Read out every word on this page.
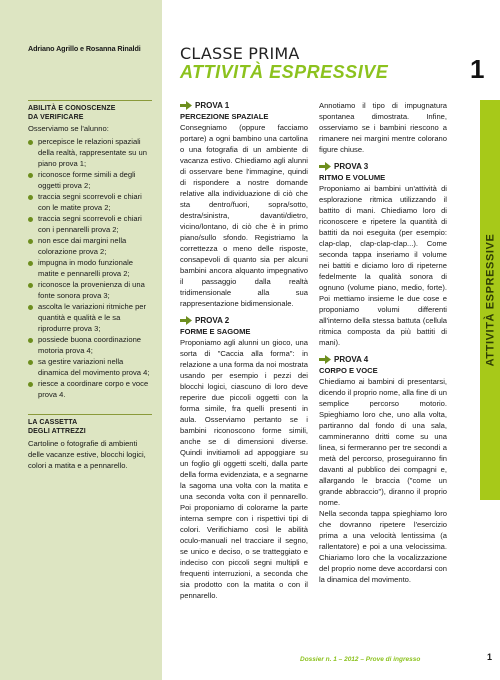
Adriano Agrillo e Rosanna Rinaldi
ABILITÀ E CONOSCENZE
DA VERIFICARE
Osserviamo se l'alunno:
percepisce le relazioni spaziali della realtà, rappresentate su un piano prova 1;
riconosce forme simili a degli oggetti prova 2;
traccia segni scorrevoli e chiari con le matite prova 2;
traccia segni scorrevoli e chiari con i pennarelli prova 2;
non esce dai margini nella colorazione prova 2;
impugna in modo funzionale matite e pennarelli prova 2;
riconosce la provenienza di una fonte sonora prova 3;
ascolta le variazioni ritmiche per quantità e qualità e le sa riprodurre prova 3;
possiede buona coordinazione motoria prova 4;
sa gestire variazioni nella dinamica del movimento prova 4;
riesce a coordinare corpo e voce prova 4.
LA CASSETTA
DEGLI ATTREZZI
Cartoline o fotografie di ambienti delle vacanze estive, blocchi logici, colori a matita e a pennarello.
CLASSE PRIMA
ATTIVITÀ ESPRESSIVE	1
ATTIVITÀ ESPRESSIVE
PROVA 1
PERCEZIONE SPAZIALE

Consegniamo (oppure facciamo portare) a ogni bambino una cartolina o una fotografia di un ambiente di vacanza estivo. Chiediamo agli alunni di osservare bene l'immagine, quindi di rispondere a nostre domande relative alla individuazione di ciò che sta dentro/fuori, sopra/sotto, destra/sinistra, davanti/dietro, vicino/lontano, di ciò che è in primo piano/sullo sfondo. Registriamo la correttezza o meno delle risposte, consapevoli di quanto sia per alcuni bambini ancora alquanto impegnativo il passaggio dalla realtà tridimensionale alla sua rappresentazione bidimensionale.

PROVA 2
FORME E SAGOME

Proponiamo agli alunni un gioco, una sorta di "Caccia alla forma": in relazione a una forma da noi mostrata usando per esempio i pezzi dei blocchi logici, ciascuno di loro deve reperire due piccoli oggetti con la forma simile, fra quelli presenti in aula. Osserviamo pertanto se i bambini riconoscono forme simili, anche se di dimensioni diverse. Quindi invitiamoli ad appoggiare su un foglio gli oggetti scelti, dalla parte della forma evidenziata, e a segnarne la sagoma una volta con la matita e una seconda volta con il pennarello. Poi proponiamo di colorarne la parte interna sempre con i rispettivi tipi di colori. Verifichiamo così le abilità oculo-manuali nel tracciare il segno, se unico e deciso, o se tratteggiato e indeciso con piccoli segni multipli e frequenti interruzioni, a seconda che sia prodotto con la matita o con il pennarello.

Annotiamo il tipo di impugnatura spontanea dimostrata. Infine, osserviamo se i bambini riescono a rimanere nei margini mentre colorano figure chiuse.

PROVA 3
RITMO E VOLUME

Proponiamo ai bambini un'attività di esplorazione ritmica utilizzando il battito di mani. Chiediamo loro di riconoscere e ripetere la quantità di battiti da noi eseguita (per esempio: clap-clap, clap-clap-clap...). Come seconda tappa inseriamo il volume nei battiti e diciamo loro di ripeterne fedelmente la qualità sonora di ognuno (volume piano, medio, forte). Poi mettiamo insieme le due cose e proponiamo volumi differenti all'interno della stessa battuta (cellula ritmica composta da più battiti di mani).

PROVA 4
CORPO E VOCE

Chiediamo ai bambini di presentarsi, dicendo il proprio nome, alla fine di un semplice percorso motorio. Spieghiamo loro che, uno alla volta, partiranno dal fondo di una sala, cammineranno dritti come su una linea, si fermeranno per tre secondi a metà del percorso, proseguiranno fin davanti al pubblico dei compagni e, allargando le braccia ("come un grande abbraccio"), diranno il proprio nome.

Nella seconda tappa spieghiamo loro che dovranno ripetere l'esercizio prima a una velocità lentissima (a rallentatore) e poi a una velocissima. Chiariamo loro che la vocalizzazione del proprio nome deve accordarsi con la dinamica del movimento.

Dossier n. 1 – 2012 – Prove di ingresso	1
